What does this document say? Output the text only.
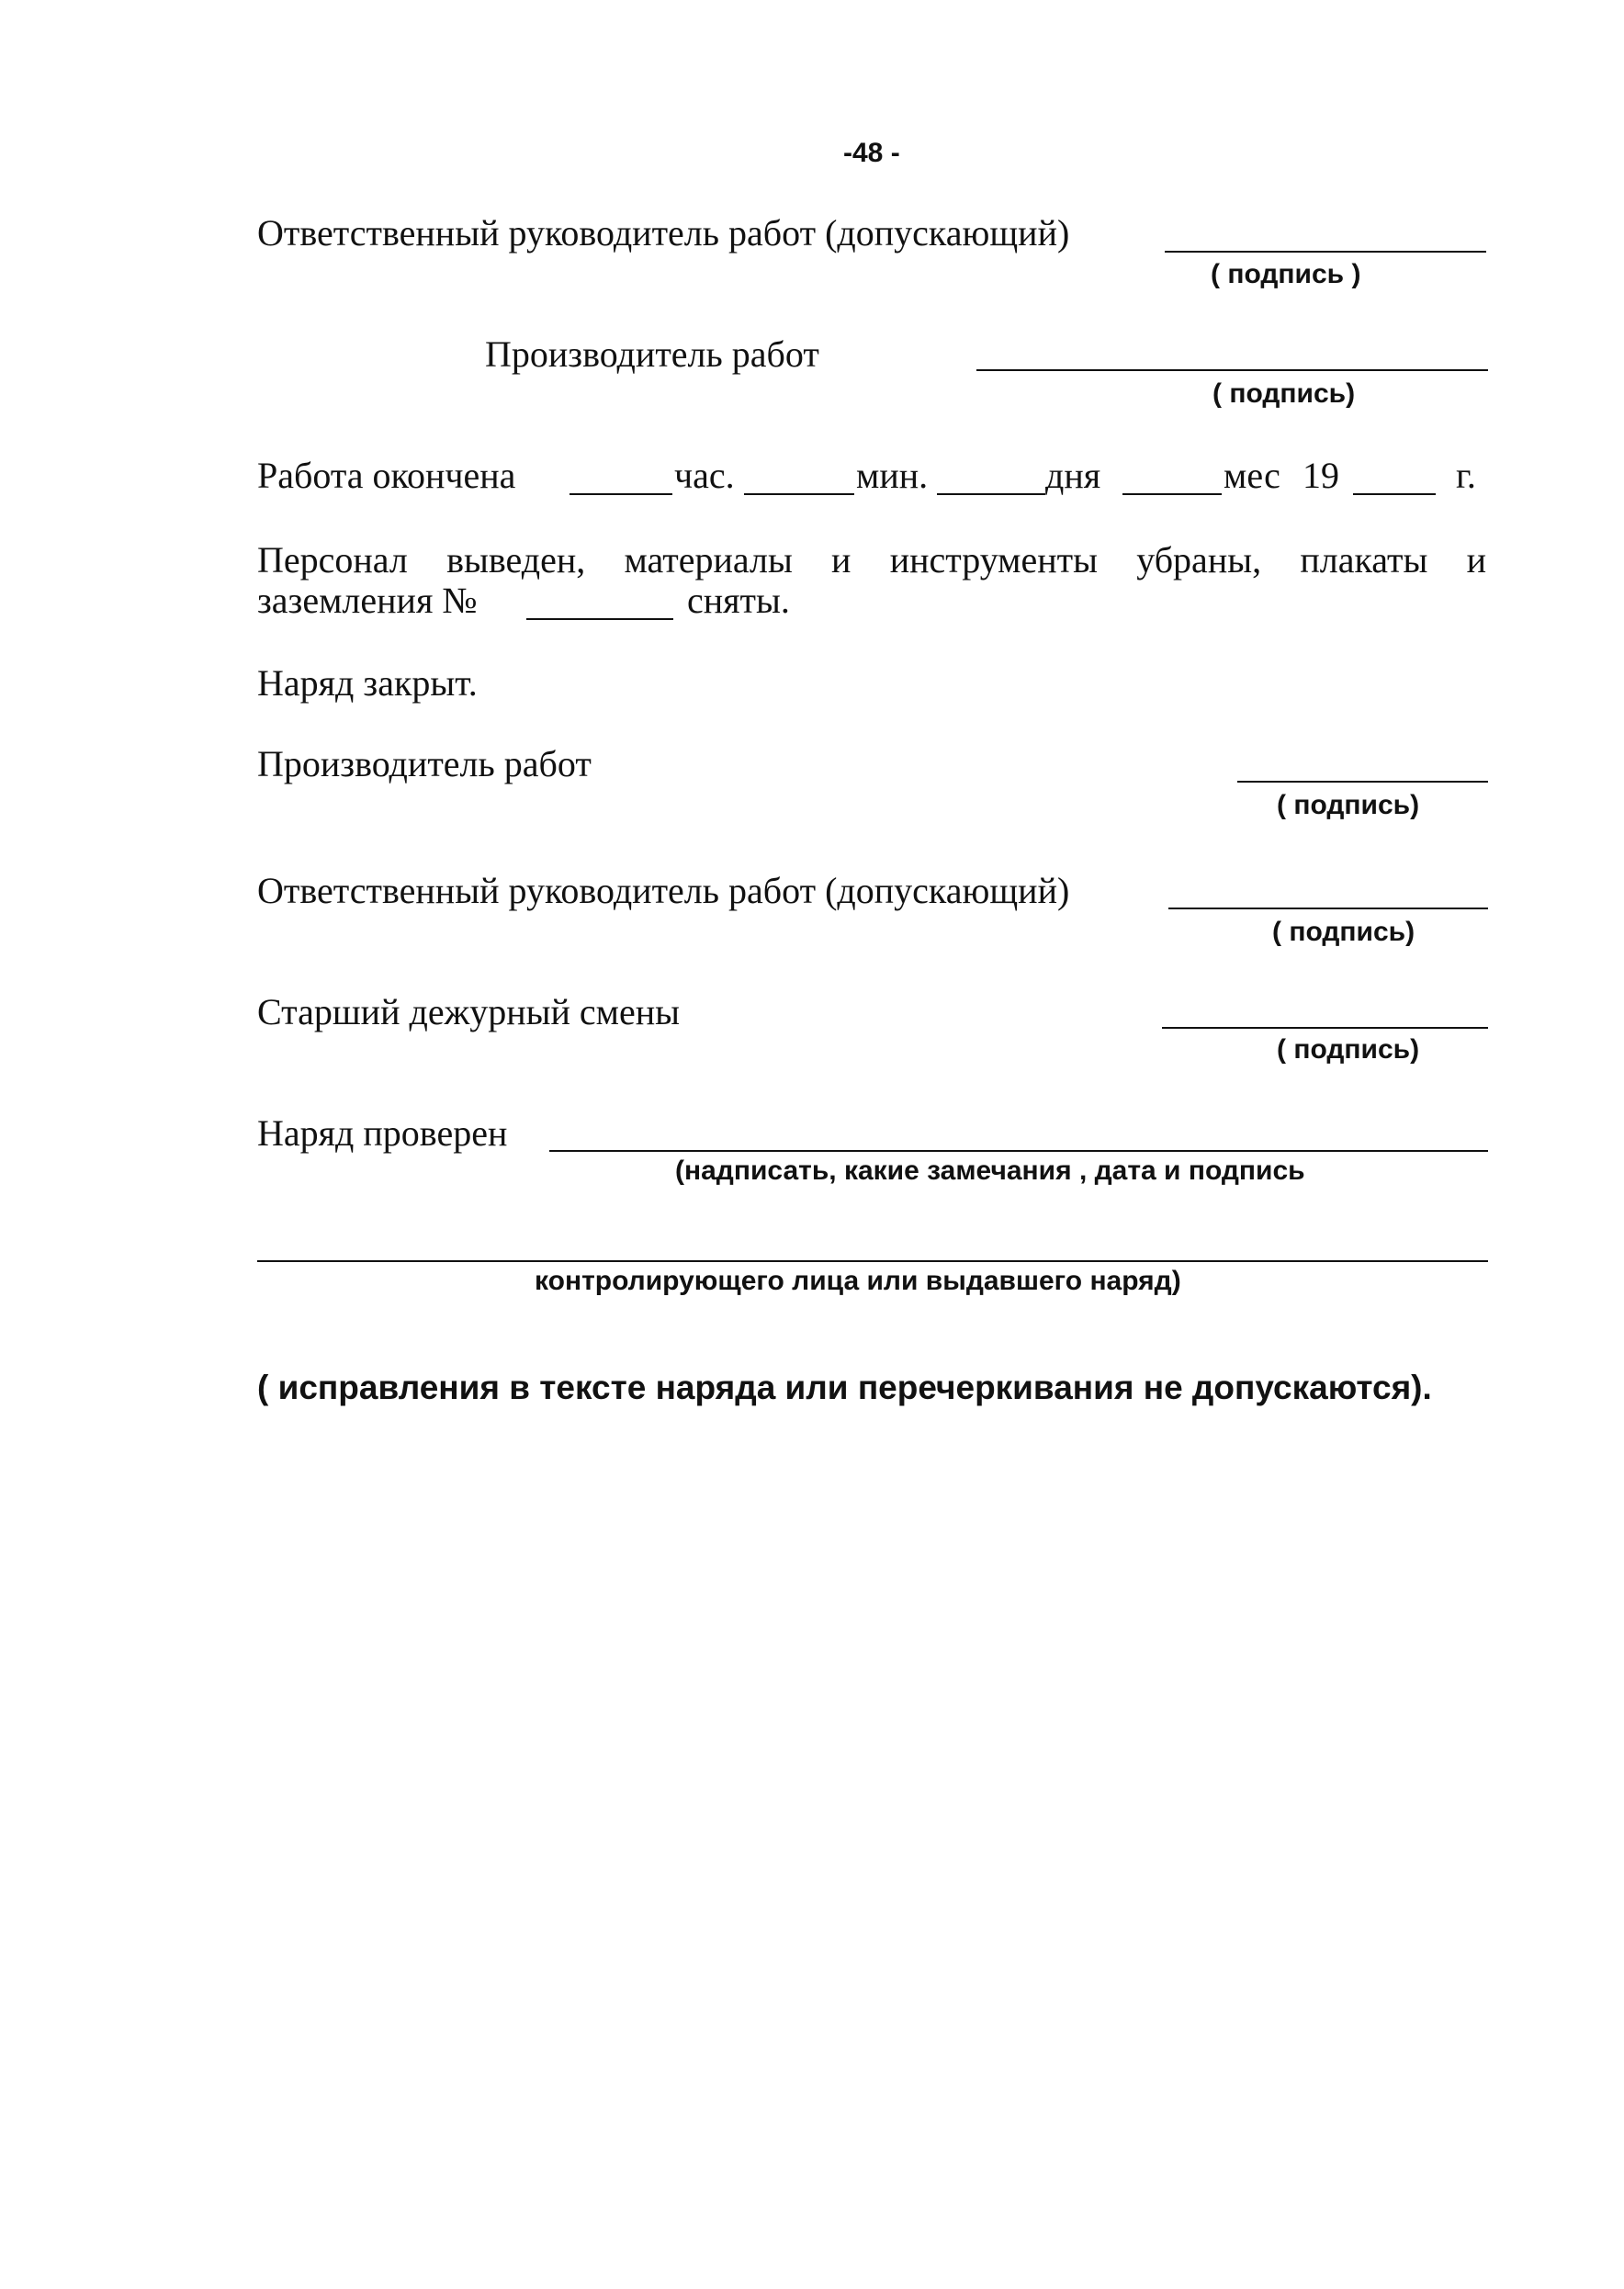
-48 -
Ответственный руководитель работ (допускающий)
( подпись )
Производитель работ
( подпись)
Работа окончена	час.	мин.	дня	мес 19	г.
Персонал выведен, материалы и инструменты убраны, плакаты и
заземления №	сняты.
Наряд закрыт.
Производитель работ
( подпись)
Ответственный руководитель работ (допускающий)
( подпись)
Старший дежурный смены
( подпись)
Наряд проверен
(надписать, какие замечания , дата и подпись
контролирующего лица или выдавшего наряд)
( исправления в тексте наряда или перечеркивания не допускаются).
